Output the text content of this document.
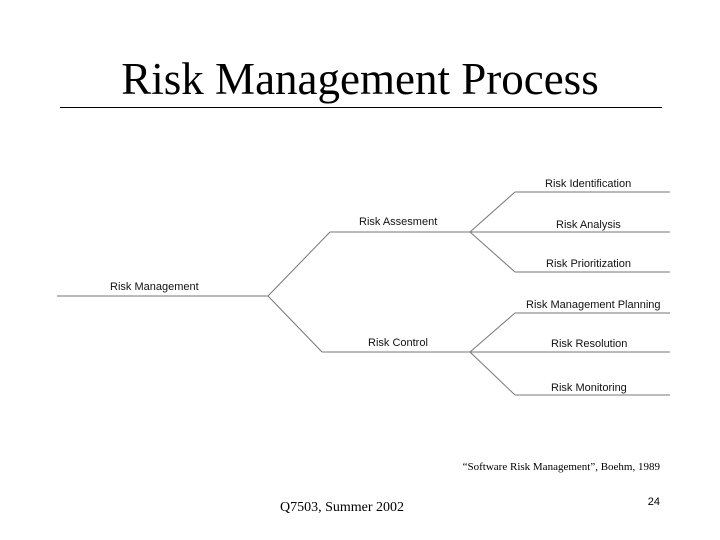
Risk Management Process
Risk Management
Risk Assesment
Risk Control
Risk Identification
Risk Analysis
Risk Prioritization
Risk Management Planning
Risk Resolution
Risk Monitoring
“Software Risk Management”, Boehm, 1989
Q7503, Summer 2002	24
